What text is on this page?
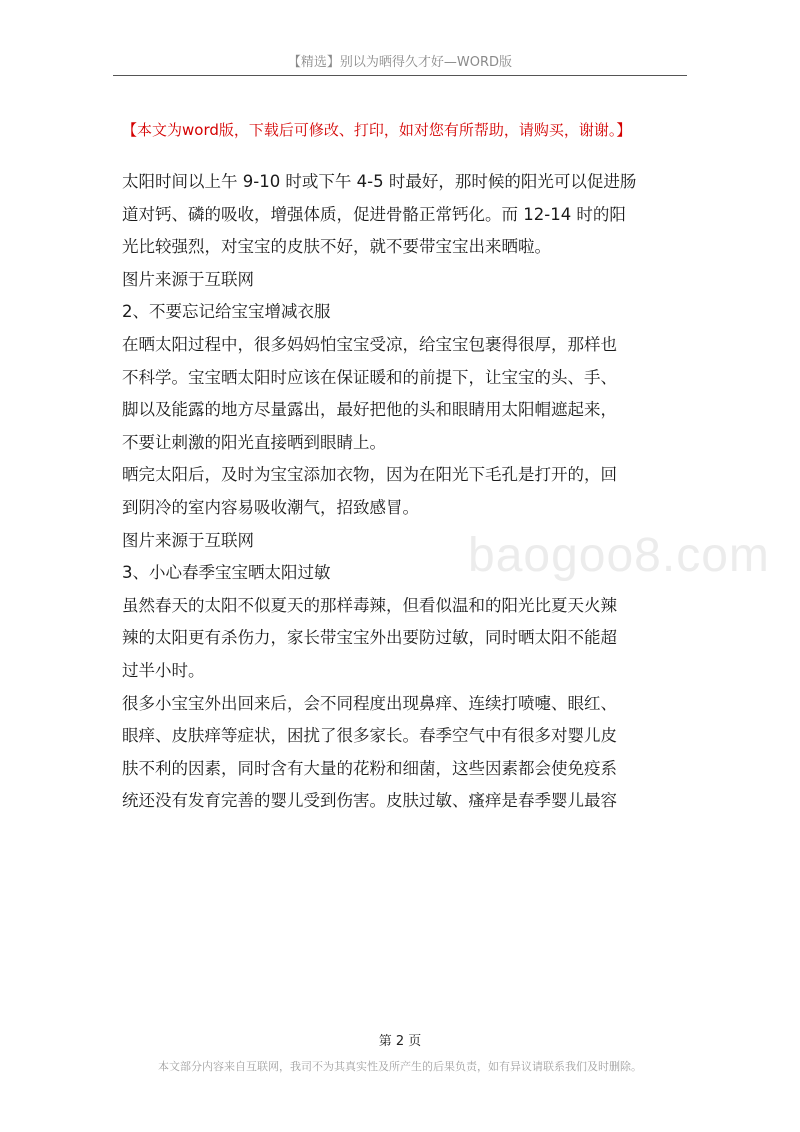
【精选】别以为晒得久才好—WORD版
【本文为word版，下载后可修改、打印，如对您有所帮助，请购买，谢谢。】
baogoo8.com

太阳时间以上午 9-10 时或下午 4-5 时最好，那时候的阳光可以促进肠

道对钙、磷的吸收，增强体质，促进骨骼正常钙化。而 12-14 时的阳

光比较强烈，对宝宝的皮肤不好，就不要带宝宝出来晒啦。

图片来源于互联网

2、不要忘记给宝宝增减衣服

在晒太阳过程中，很多妈妈怕宝宝受凉，给宝宝包裹得很厚，那样也

不科学。宝宝晒太阳时应该在保证暖和的前提下，让宝宝的头、手、

脚以及能露的地方尽量露出，最好把他的头和眼睛用太阳帽遮起来，

不要让刺激的阳光直接晒到眼睛上。

晒完太阳后，及时为宝宝添加衣物，因为在阳光下毛孔是打开的，回

到阴冷的室内容易吸收潮气，招致感冒。

图片来源于互联网

3、小心春季宝宝晒太阳过敏

虽然春天的太阳不似夏天的那样毒辣，但看似温和的阳光比夏天火辣

辣的太阳更有杀伤力，家长带宝宝外出要防过敏，同时晒太阳不能超

过半小时。

很多小宝宝外出回来后，会不同程度出现鼻痒、连续打喷嚏、眼红、

眼痒、皮肤痒等症状，困扰了很多家长。春季空气中有很多对婴儿皮

肤不利的因素，同时含有大量的花粉和细菌，这些因素都会使免疫系

统还没有发育完善的婴儿受到伤害。皮肤过敏、瘙痒是春季婴儿最容

第 2 页
本文部分内容来自互联网，我司不为其真实性及所产生的后果负责，如有异议请联系我们及时删除。
